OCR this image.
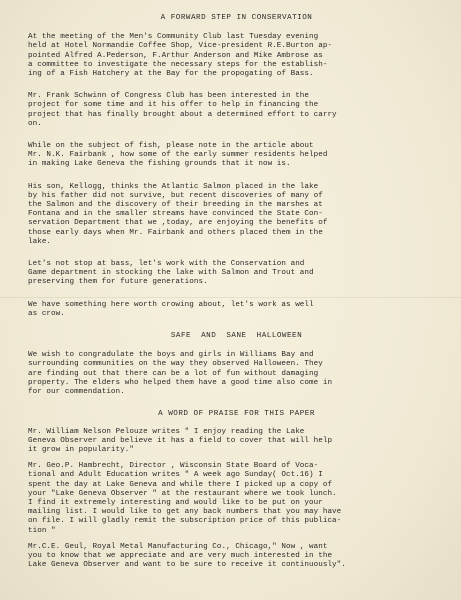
A FORWARD STEP IN CONSERVATION

At the meeting of the Men's Community Club last Tuesday evening
held at Hotel Normandie Coffee Shop, Vice-president R.E.Burton ap-
pointed Alfred A.Pederson, F.Arthur Anderson and Mike Ambrose as
a committee to investigate the necessary steps for the establish-
ing of a Fish Hatchery at the Bay for the propogating of Bass.

Mr. Frank Schwinn of Congress Club has been interested in the
project for some time and it his offer to help in financing the
project that has finally brought about a determined effort to carry
on.

While on the subject of fish, please note in the article about
Mr. N.K. Fairbank , how some of the early summer residents helped
in making Lake Geneva the fishing grounds that it now is.

His son, Kellogg, thinks the Atlantic Salmon placed in the lake
by his father did not survive, but recent discoveries of many of
the Salmon and the discovery of their breeding in the marshes at
Fontana and in the smaller streams have convinced the State Con-
servation Department that we ,today, are enjoying the benefits of
those early days when Mr. Fairbank and others placed them in the
lake.

Let's not stop at bass, let's work with the Conservation and
Game department in stocking the lake with Salmon and Trout and
preserving them for future generations.

We have something here worth crowing about, let's work as well
as crow.

SAFE AND SANE HALLOWEEN

We wish to congradulate the boys and girls in Williams Bay and
surrounding communities on the way they observed Halloween. They
are finding out that there can be a lot of fun without damaging
property. The elders who helped them have a good time also come in
for our commendation.

A WORD OF PRAISE FOR THIS PAPER

Mr. William Nelson Pelouze writes " I enjoy reading the Lake
Geneva Observer and believe it has a field to cover that will help
it grow in popularity."

Mr. Geo.P. Hambrecht, Director , Wisconsin State Board of Voca-
tional and Adult Education writes " A week ago Sunday( Oct.16) I
spent the day at Lake Geneva and while there I picked up a copy of
your "Lake Geneva Observer " at the restaurant where we took lunch.
I find it extremely interesting and would like to be put on your
mailing list. I would like to get any back numbers that you may have
on file. I will gladly remit the subscription price of this publica-
tion "

Mr.C.E. Geul, Royal Metal Manufacturing Co., Chicago," Now , want
you to know that we appreciate and are very much interested in the
Lake Geneva Observer and want to be sure to receive it continuously".
